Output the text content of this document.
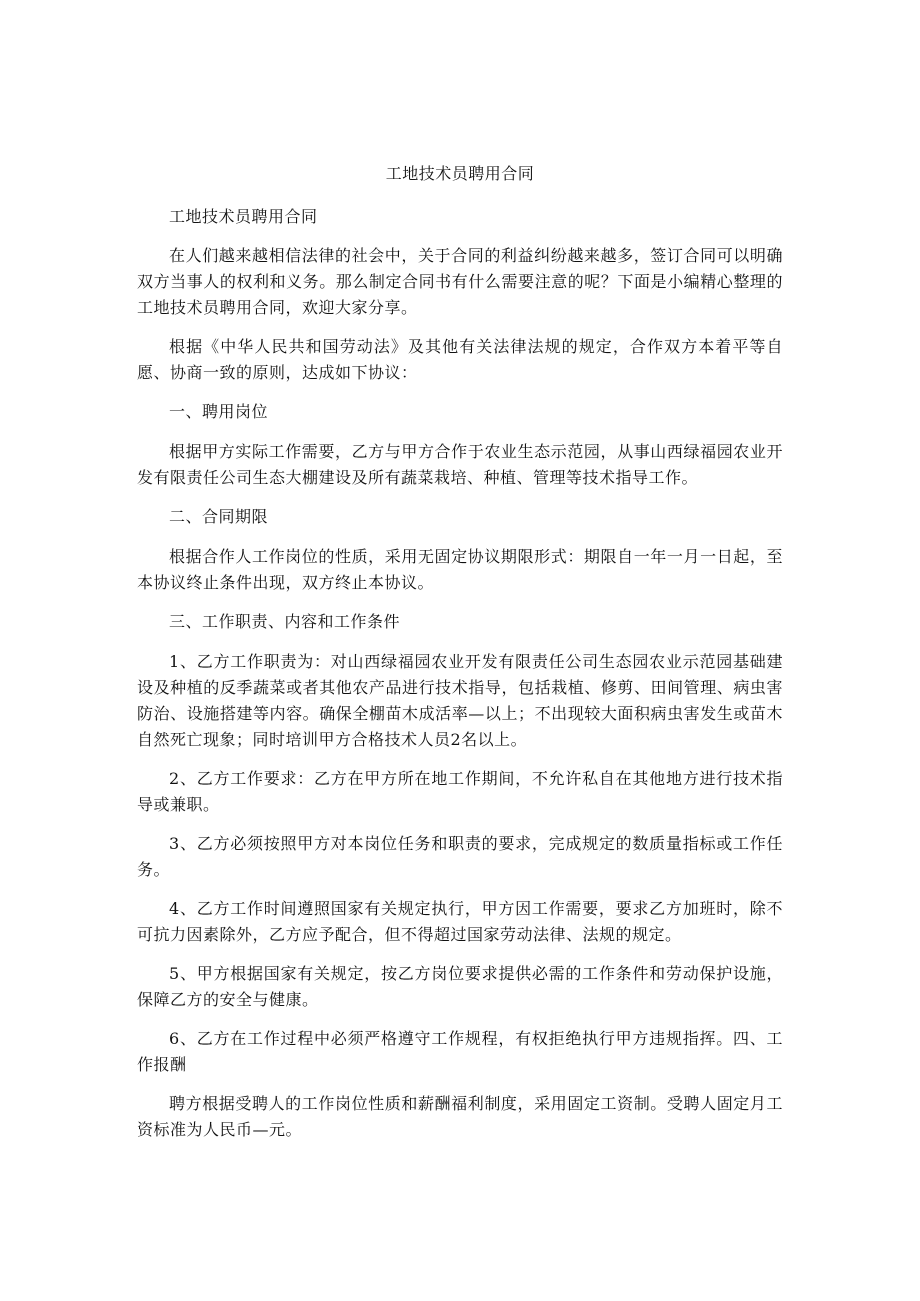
工地技术员聘用合同

工地技术员聘用合同

在人们越来越相信法律的社会中，关于合同的利益纠纷越来越多，签订合同可以明确双方当事人的权利和义务。那么制定合同书有什么需要注意的呢？下面是小编精心整理的工地技术员聘用合同，欢迎大家分享。

根据《中华人民共和国劳动法》及其他有关法律法规的规定，合作双方本着平等自愿、协商一致的原则，达成如下协议：

一、聘用岗位

根据甲方实际工作需要，乙方与甲方合作于农业生态示范园，从事山西绿福园农业开发有限责任公司生态大棚建设及所有蔬菜栽培、种植、管理等技术指导工作。

二、合同期限

根据合作人工作岗位的性质，采用无固定协议期限形式：期限自一年一月一日起，至本协议终止条件出现，双方终止本协议。

三、工作职责、内容和工作条件

1、乙方工作职责为：对山西绿福园农业开发有限责任公司生态园农业示范园基础建设及种植的反季蔬菜或者其他农产品进行技术指导，包括栽植、修剪、田间管理、病虫害防治、设施搭建等内容。确保全棚苗木成活率—以上；不出现较大面积病虫害发生或苗木自然死亡现象；同时培训甲方合格技术人员2名以上。

2、乙方工作要求：乙方在甲方所在地工作期间，不允许私自在其他地方进行技术指导或兼职。

3、乙方必须按照甲方对本岗位任务和职责的要求，完成规定的数质量指标或工作任务。

4、乙方工作时间遵照国家有关规定执行，甲方因工作需要，要求乙方加班时，除不可抗力因素除外，乙方应予配合，但不得超过国家劳动法律、法规的规定。

5、甲方根据国家有关规定，按乙方岗位要求提供必需的工作条件和劳动保护设施，保障乙方的安全与健康。

6、乙方在工作过程中必须严格遵守工作规程，有权拒绝执行甲方违规指挥。四、工作报酬

聘方根据受聘人的工作岗位性质和薪酬福利制度，采用固定工资制。受聘人固定月工资标准为人民币—元。
